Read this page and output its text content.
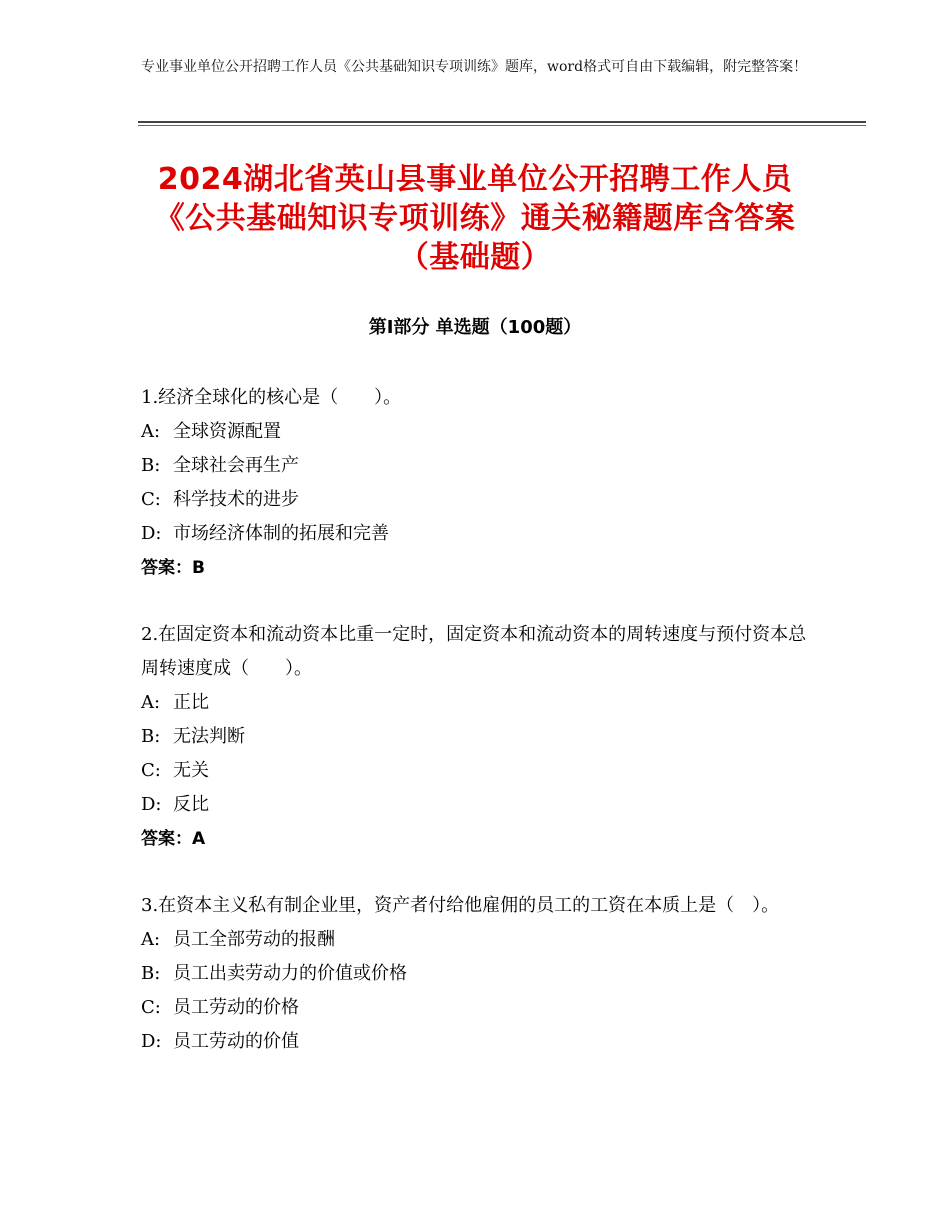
专业事业单位公开招聘工作人员《公共基础知识专项训练》题库，word格式可自由下载编辑，附完整答案！
2024湖北省英山县事业单位公开招聘工作人员《公共基础知识专项训练》通关秘籍题库含答案（基础题）
第Ⅰ部分 单选题（100题）

1.经济全球化的核心是（　　）。

A: 全球资源配置

B: 全球社会再生产

C: 科学技术的进步

D: 市场经济体制的拓展和完善

答案：B

2.在固定资本和流动资本比重一定时，固定资本和流动资本的周转速度与预付资本总周转速度成（　　）。

A: 正比

B: 无法判断

C: 无关

D: 反比

答案：A

3.在资本主义私有制企业里，资产者付给他雇佣的员工的工资在本质上是（　）。

A: 员工全部劳动的报酬

B: 员工出卖劳动力的价值或价格

C: 员工劳动的价格

D: 员工劳动的价值
